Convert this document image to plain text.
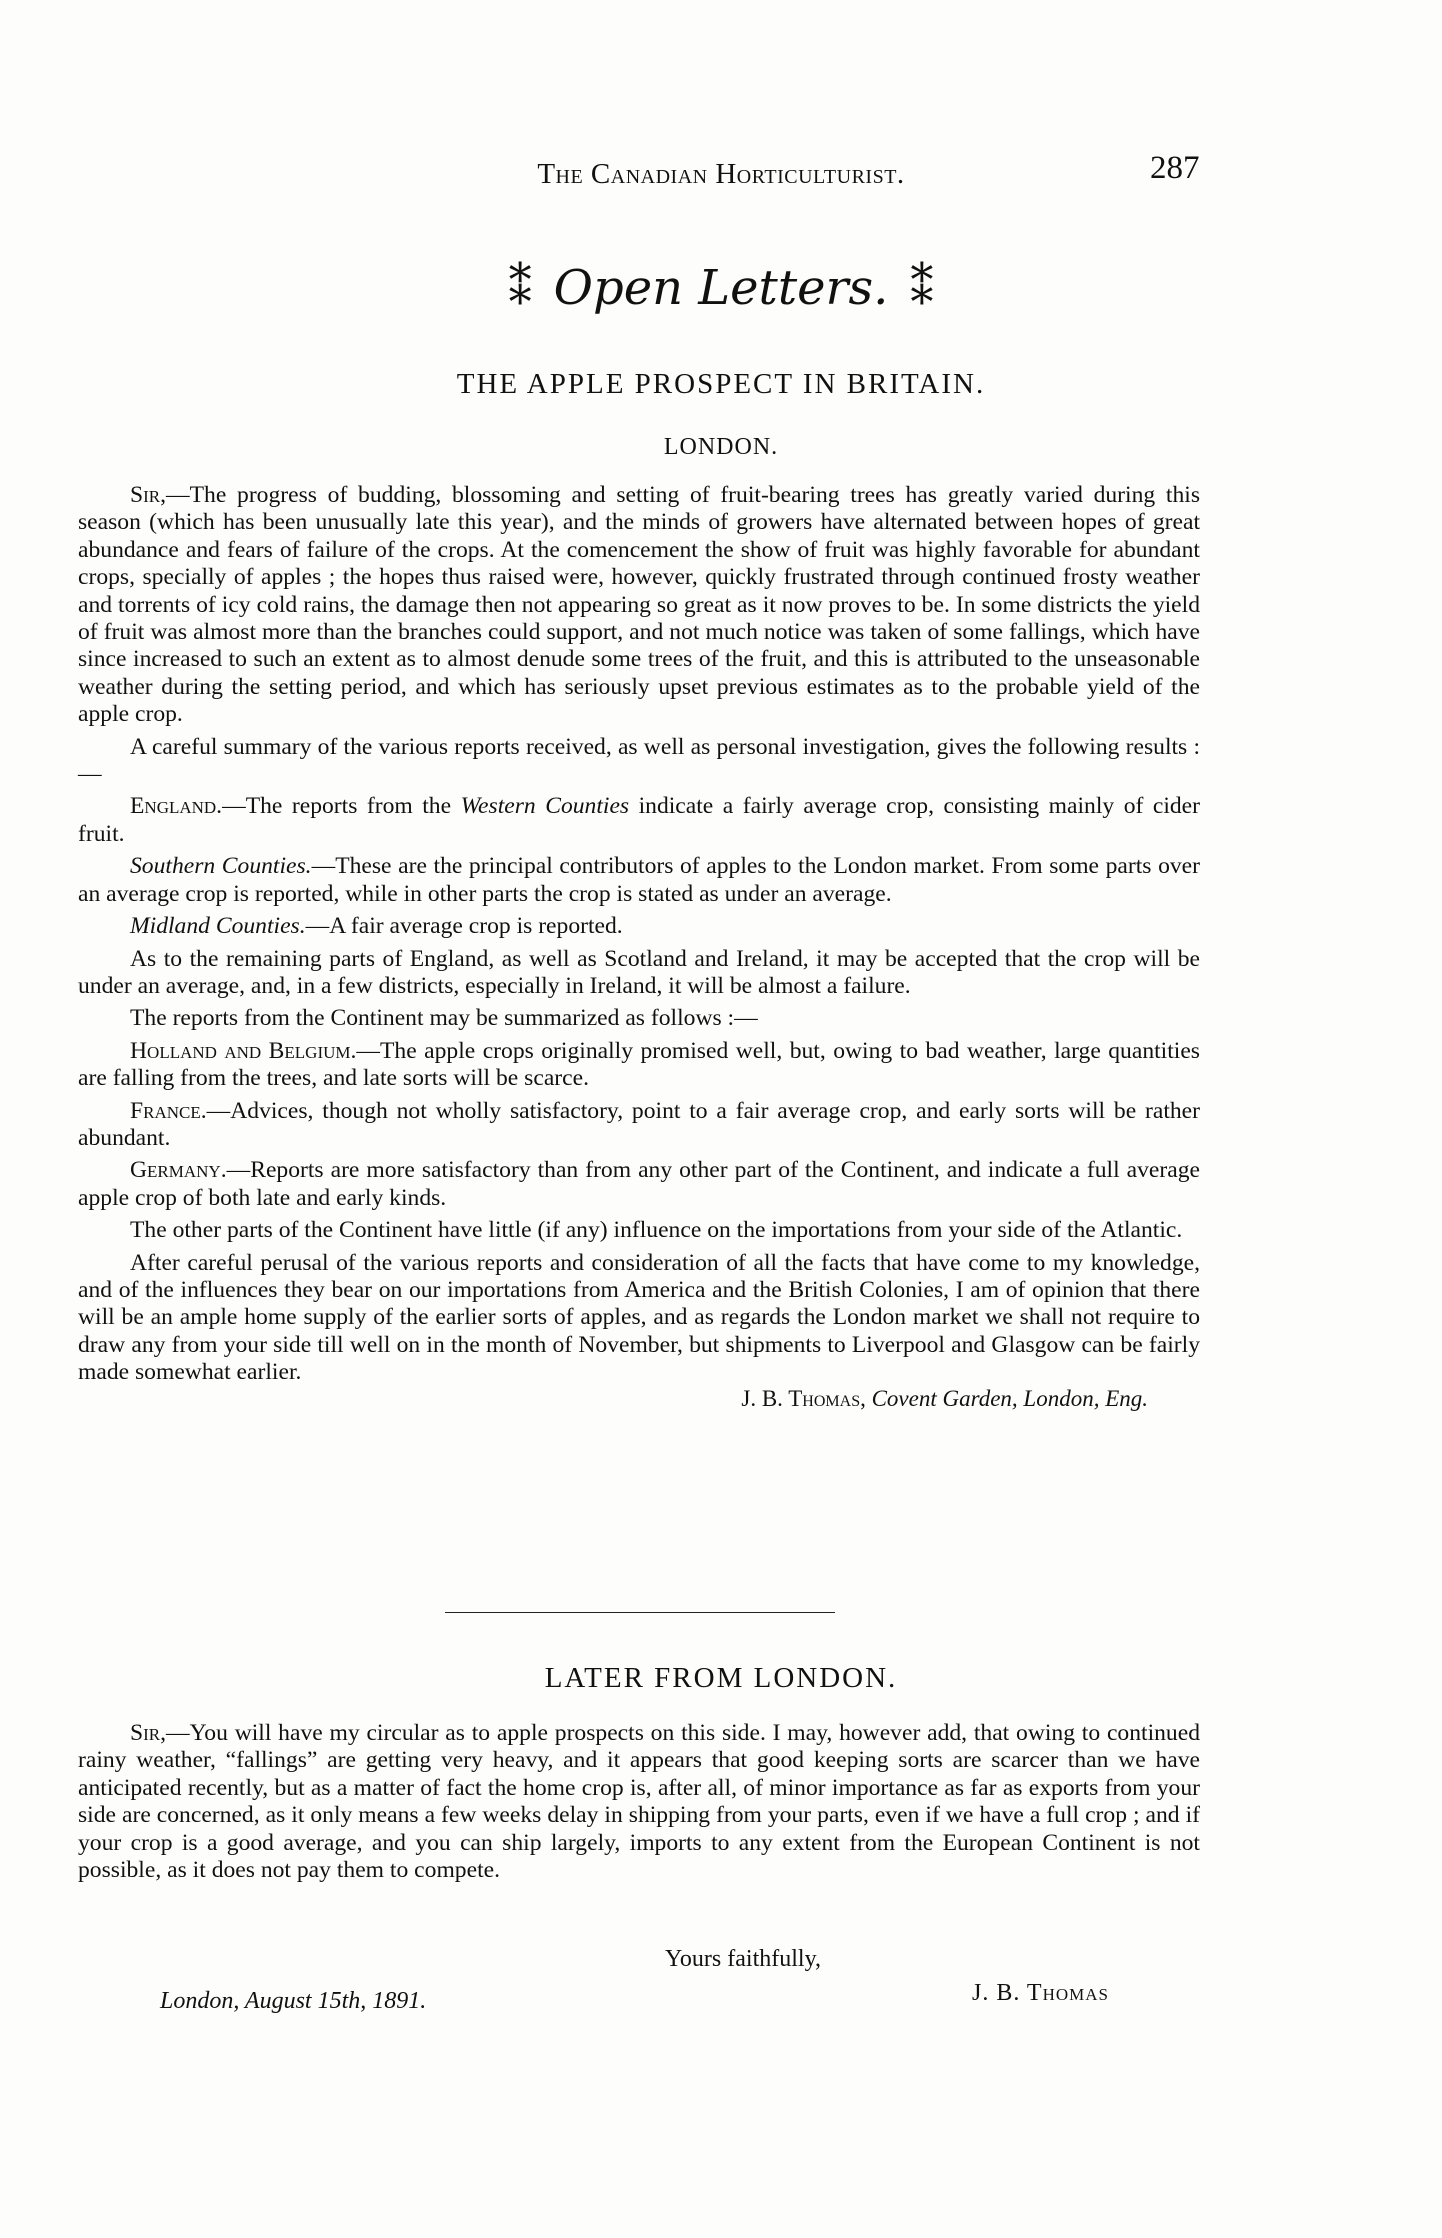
The Canadian Horticulturist.	287
⁑ Open Letters. ⁑
THE APPLE PROSPECT IN BRITAIN.
LONDON.

Sir,—The progress of budding, blossoming and setting of fruit-bearing trees has greatly varied during this season (which has been unusually late this year), and the minds of growers have alternated between hopes of great abundance and fears of failure of the crops. At the comencement the show of fruit was highly favorable for abundant crops, specially of apples ; the hopes thus raised were, however, quickly frustrated through continued frosty weather and torrents of icy cold rains, the damage then not appearing so great as it now proves to be. In some districts the yield of fruit was almost more than the branches could support, and not much notice was taken of some fallings, which have since increased to such an extent as to almost denude some trees of the fruit, and this is attributed to the unseasonable weather during the setting period, and which has seriously upset previous estimates as to the probable yield of the apple crop.

A careful summary of the various reports received, as well as personal investigation, gives the following results :—

England.—The reports from the Western Counties indicate a fairly average crop, consisting mainly of cider fruit.

Southern Counties.—These are the principal contributors of apples to the London market. From some parts over an average crop is reported, while in other parts the crop is stated as under an average.

Midland Counties.—A fair average crop is reported.

As to the remaining parts of England, as well as Scotland and Ireland, it may be accepted that the crop will be under an average, and, in a few districts, especially in Ireland, it will be almost a failure.

The reports from the Continent may be summarized as follows :—

Holland and Belgium.—The apple crops originally promised well, but, owing to bad weather, large quantities are falling from the trees, and late sorts will be scarce.

France.—Advices, though not wholly satisfactory, point to a fair average crop, and early sorts will be rather abundant.

Germany.—Reports are more satisfactory than from any other part of the Continent, and indicate a full average apple crop of both late and early kinds.

The other parts of the Continent have little (if any) influence on the importations from your side of the Atlantic.

After careful perusal of the various reports and consideration of all the facts that have come to my knowledge, and of the influences they bear on our importations from America and the British Colonies, I am of opinion that there will be an ample home supply of the earlier sorts of apples, and as regards the London market we shall not require to draw any from your side till well on in the month of November, but shipments to Liverpool and Glasgow can be fairly made somewhat earlier.

J. B. Thomas, Covent Garden, London, Eng.
LATER FROM LONDON.

Sir,—You will have my circular as to apple prospects on this side. I may, however add, that owing to continued rainy weather, “fallings” are getting very heavy, and it appears that good keeping sorts are scarcer than we have anticipated recently, but as a matter of fact the home crop is, after all, of minor importance as far as exports from your side are concerned, as it only means a few weeks delay in shipping from your parts, even if we have a full crop ; and if your crop is a good average, and you can ship largely, imports to any extent from the European Continent is not possible, as it does not pay them to compete.

Yours faithfully,
London, August 15th, 1891.	J. B. Thomas
